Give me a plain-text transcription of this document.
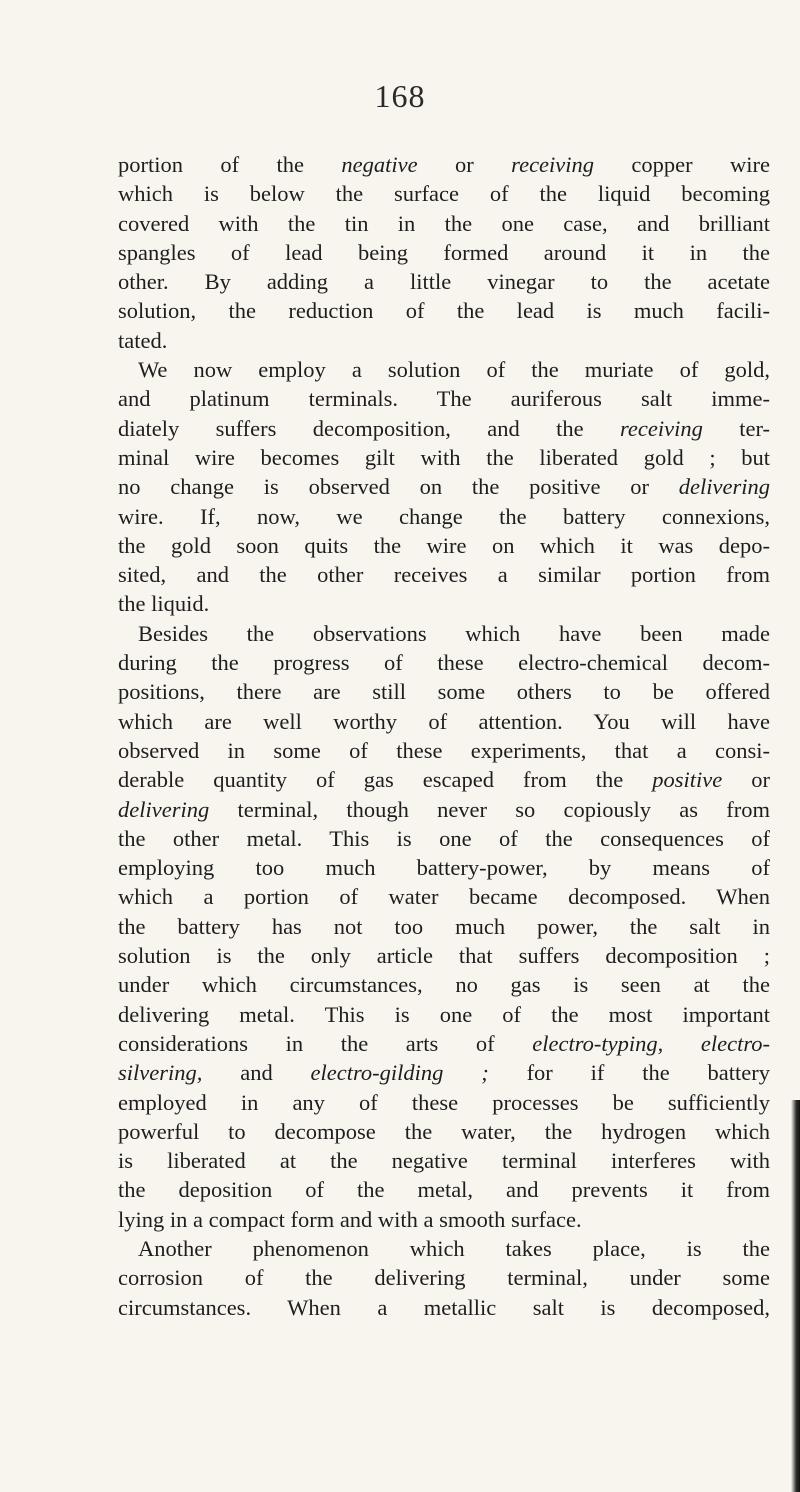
168
portion of the negative or receiving copper wire
which is below the surface of the liquid becoming
covered with the tin in the one case, and brilliant
spangles of lead being formed around it in the
other. By adding a little vinegar to the acetate
solution, the reduction of the lead is much facili-
tated.
We now employ a solution of the muriate of gold,
and platinum terminals. The auriferous salt imme-
diately suffers decomposition, and the receiving ter-
minal wire becomes gilt with the liberated gold ; but
no change is observed on the positive or delivering
wire. If, now, we change the battery connexions,
the gold soon quits the wire on which it was depo-
sited, and the other receives a similar portion from
the liquid.
Besides the observations which have been made
during the progress of these electro-chemical decom-
positions, there are still some others to be offered
which are well worthy of attention. You will have
observed in some of these experiments, that a consi-
derable quantity of gas escaped from the positive or
delivering terminal, though never so copiously as from
the other metal. This is one of the consequences of
employing too much battery-power, by means of
which a portion of water became decomposed. When
the battery has not too much power, the salt in
solution is the only article that suffers decomposition ;
under which circumstances, no gas is seen at the
delivering metal. This is one of the most important
considerations in the arts of electro-typing, electro-
silvering, and electro-gilding ; for if the battery
employed in any of these processes be sufficiently
powerful to decompose the water, the hydrogen which
is liberated at the negative terminal interferes with
the deposition of the metal, and prevents it from
lying in a compact form and with a smooth surface.
Another phenomenon which takes place, is the
corrosion of the delivering terminal, under some
circumstances. When a metallic salt is decomposed,
